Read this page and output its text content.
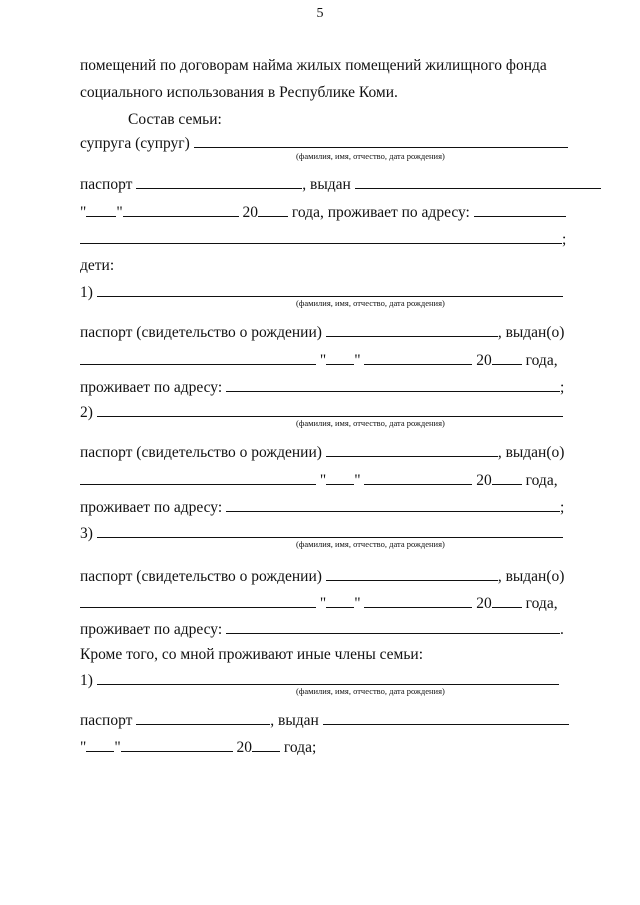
5
помещений по договорам найма жилых помещений жилищного фонда
социального использования в Республике Коми.
Состав семьи:
супруга (супруг)
(фамилия, имя, отчество, дата рождения)
паспорт	, выдан
" "	20 года, проживает по адресу:
;
дети:
1)
(фамилия, имя, отчество, дата рождения)
паспорт (свидетельство о рождении)	, выдан(о)
" "	20 года,
проживает по адресу:	;
2)
(фамилия, имя, отчество, дата рождения)
паспорт (свидетельство о рождении)	, выдан(о)
" "	20 года,
проживает по адресу:	;
3)
(фамилия, имя, отчество, дата рождения)
паспорт (свидетельство о рождении)	, выдан(о)
" "	20 года,
проживает по адресу:	.
Кроме того, со мной проживают иные члены семьи:
1)
(фамилия, имя, отчество, дата рождения)
паспорт	, выдан
" "	20 года;
